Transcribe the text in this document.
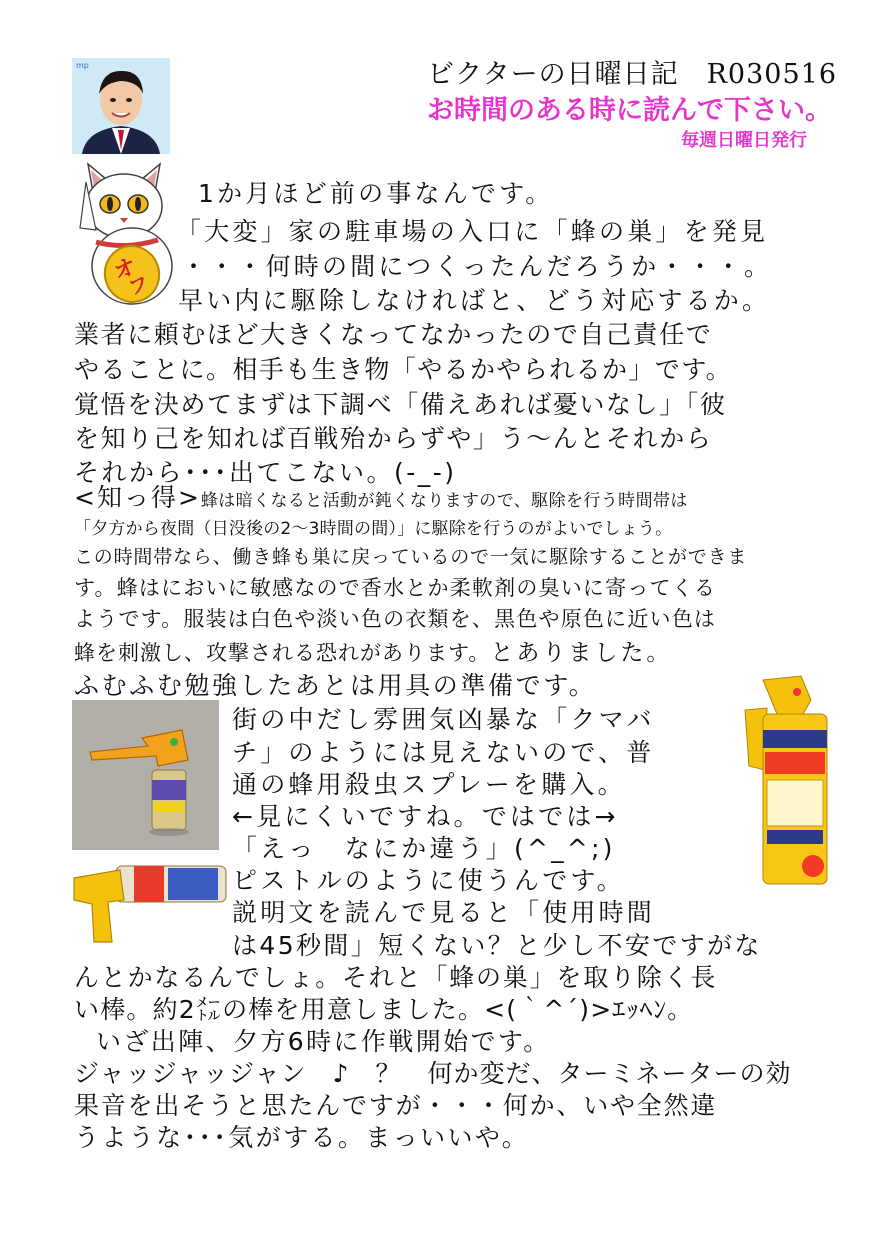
mp	ビクターの日曜日記　R030516
お時間のある時に読んで下さい。
毎週日曜日発行
オ
フ
1か月ほど前の事なんです。
「大変」家の駐車場の入口に「蜂の巣」を発見
・・・何時の間につくったんだろうか・・・。
早い内に駆除しなければと、どう対応するか。
業者に頼むほど大きくなってなかったので自己責任で
やることに。相手も生き物「やるかやられるか」です。
覚悟を決めてまずは下調べ「備えあれば憂いなし」「彼
を知り己を知れば百戦殆からずや」う～んとそれから
それから･･･出てこない。(-_-)
<知っ得>蜂は暗くなると活動が鈍くなりますので、駆除を行う時間帯は
「夕方から夜間（日没後の2～3時間の間）」に駆除を行うのがよいでしょう。
この時間帯なら、働き蜂も巣に戻っているので一気に駆除することができま
す。蜂はにおいに敏感なので香水とか柔軟剤の臭いに寄ってくる
ようです。服装は白色や淡い色の衣類を、黒色や原色に近い色は
蜂を刺激し、攻撃される恐れがあります。とありました。
ふむふむ勉強したあとは用具の準備です。
街の中だし雰囲気凶暴な「クマバ
チ」のようには見えないので、普
通の蜂用殺虫スプレーを購入。
←見にくいですね。ではでは→
「えっ　なにか違う」(^_^;)
ピストルのように使うんです。
説明文を読んで見ると「使用時間
は45秒間」短くない？と少し不安ですがな
んとかなるんでしょ。それと「蜂の巣」を取り除く長
い棒。約2㍍の棒を用意しました。<(｀^´)>ｴｯﾍﾝ。
いざ出陣、夕方6時に作戦開始です。
ジャッジャッジャン　♪　？　何か変だ、ターミネーターの効
果音を出そうと思たんですが・・・何か、いや全然違
うような･･･気がする。まっいいや。
